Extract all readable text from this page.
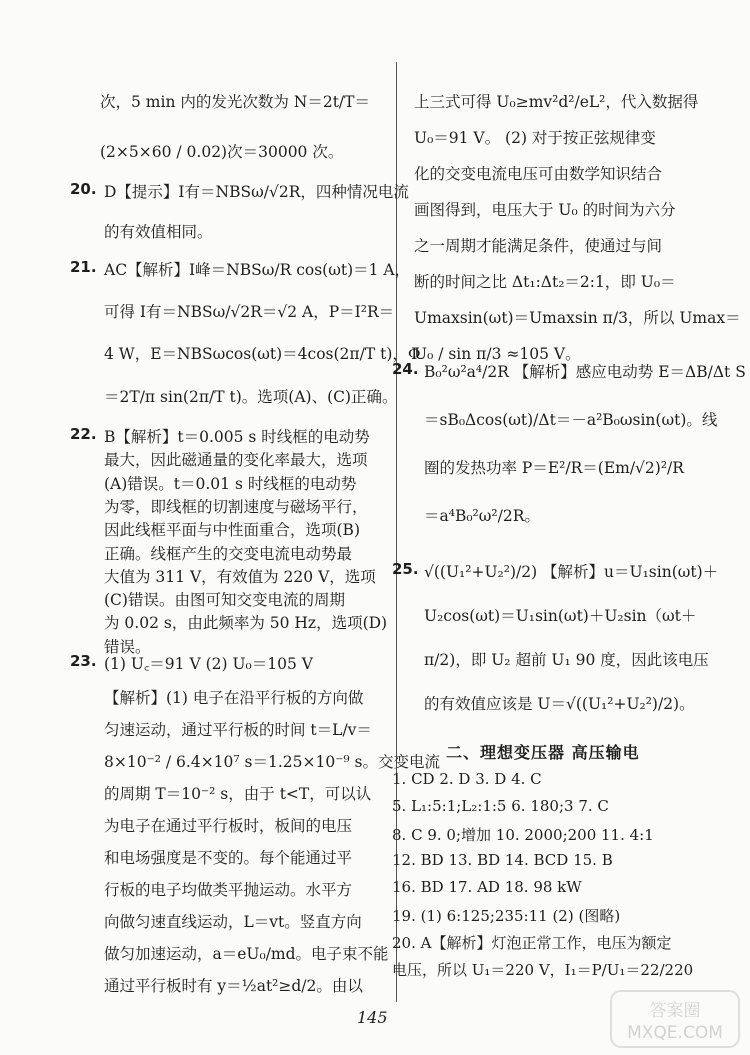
次，5 min 内的发光次数为 N＝2t/T＝
(2×5×60 / 0.02)次＝30000 次。
20. D【提示】I有＝NBSω/√2R，四种情况电流
的有效值相同。
21. AC【解析】I峰＝NBSω/R cos(ωt)＝1 A，
可得 I有＝NBSω/√2R＝√2 A，P＝I²R＝
4 W，E＝NBSωcos(ωt)＝4cos(2π/T t)，Φ
＝2T/π sin(2π/T t)。选项(A)、(C)正确。
22. B【解析】t＝0.005 s 时线框的电动势
最大，因此磁通量的变化率最大，选项
(A)错误。t＝0.01 s 时线框的电动势
为零，即线框的切割速度与磁场平行，
因此线框平面与中性面重合，选项(B)
正确。线框产生的交变电流电动势最
大值为 311 V，有效值为 220 V，选项
(C)错误。由图可知交变电流的周期
为 0.02 s，由此频率为 50 Hz，选项(D)
错误。
23. (1) U꜀＝91 V (2) U₀＝105 V
【解析】(1) 电子在沿平行板的方向做
匀速运动，通过平行板的时间 t＝L/v＝
8×10⁻² / 6.4×10⁷ s＝1.25×10⁻⁹ s。交变电流
的周期 T＝10⁻² s，由于 t<T，可以认
为电子在通过平行板时，板间的电压
和电场强度是不变的。每个能通过平
行板的电子均做类平抛运动。水平方
向做匀速直线运动，L＝vt。竖直方向
做匀加速运动，a＝eU₀/md。电子束不能
通过平行板时有 y＝½at²≥d/2。由以
上三式可得 U₀≥mv²d²/eL²，代入数据得
U₀＝91 V。 (2) 对于按正弦规律变
化的交变电流电压可由数学知识结合
画图得到，电压大于 U₀ 的时间为六分
之一周期才能满足条件，使通过与间
断的时间之比 Δt₁:Δt₂＝2:1，即 U₀＝
Umaxsin(ωt)＝Umaxsin π/3，所以 Umax＝
U₀ / sin π/3 ≈105 V。
24. B₀²ω²a⁴/2R 【解析】感应电动势 E＝ΔB/Δt S
＝sB₀Δcos(ωt)/Δt＝－a²B₀ωsin(ωt)。线
圈的发热功率 P＝E²/R＝(Em/√2)²/R
＝a⁴B₀²ω²/2R。
25. √((U₁²+U₂²)/2) 【解析】u＝U₁sin(ωt)＋
U₂cos(ωt)＝U₁sin(ωt)＋U₂sin（ωt＋
π/2)，即 U₂ 超前 U₁ 90 度，因此该电压
的有效值应该是 U＝√((U₁²+U₂²)/2)。
二、理想变压器 高压输电
1. CD 2. D 3. D 4. C
5. L₁:5:1;L₂:1:5 6. 180;3 7. C
8. C 9. 0;增加 10. 2000;200 11. 4:1
12. BD 13. BD 14. BCD 15. B
16. BD 17. AD 18. 98 kW
19. (1) 6:125;235:11 (2) (图略)
20. A【解析】灯泡正常工作，电压为额定
电压，所以 U₁＝220 V，I₁＝P/U₁＝22/220
145	答案圈
MXQE.COM
